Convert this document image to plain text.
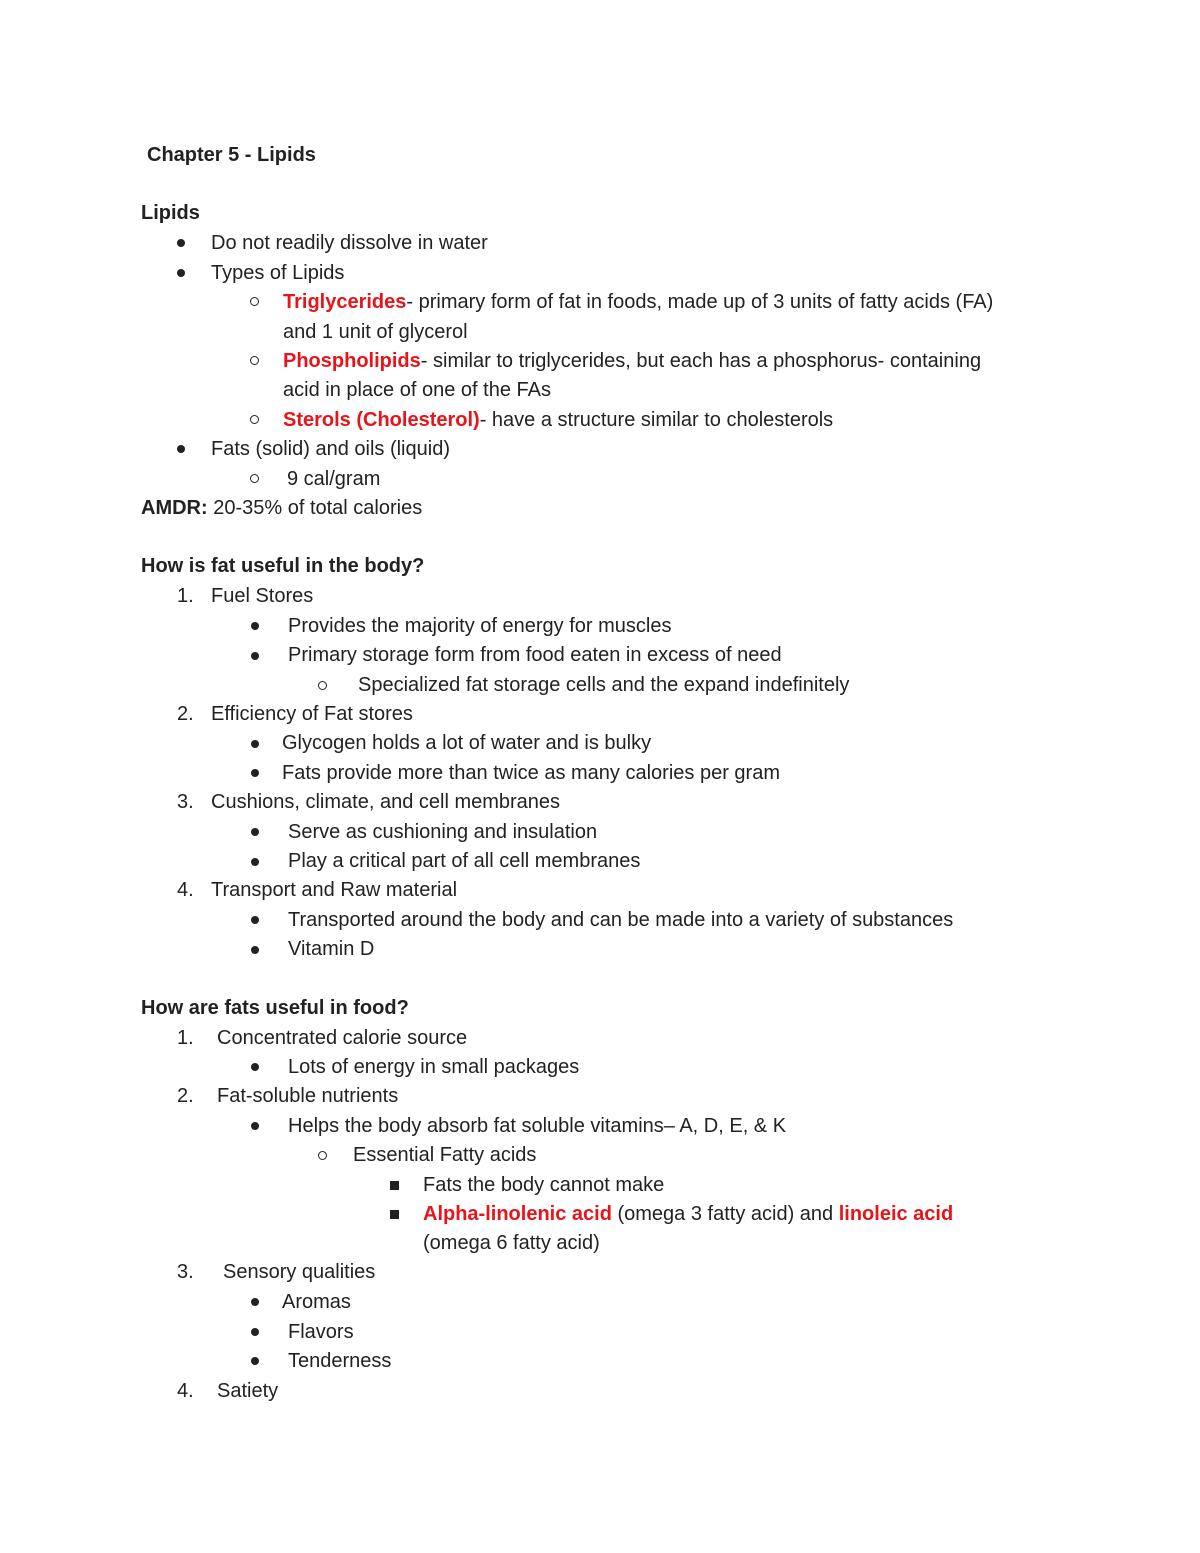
Chapter 5 - Lipids
Lipids
Do not readily dissolve in water
Types of Lipids
Triglycerides- primary form of fat in foods, made up of 3 units of fatty acids (FA)
and 1 unit of glycerol
Phospholipids- similar to triglycerides, but each has a phosphorus- containing
acid in place of one of the FAs
Sterols (Cholesterol)- have a structure similar to cholesterols
Fats (solid) and oils (liquid)
9 cal/gram
AMDR: 20-35% of total calories
How is fat useful in the body?
1. Fuel Stores
Provides the majority of energy for muscles
Primary storage form from food eaten in excess of need
Specialized fat storage cells and the expand indefinitely
2. Efficiency of Fat stores
Glycogen holds a lot of water and is bulky
Fats provide more than twice as many calories per gram
3. Cushions, climate, and cell membranes
Serve as cushioning and insulation
Play a critical part of all cell membranes
4. Transport and Raw material
Transported around the body and can be made into a variety of substances
Vitamin D
How are fats useful in food?
1. Concentrated calorie source
Lots of energy in small packages
2. Fat-soluble nutrients
Helps the body absorb fat soluble vitamins– A, D, E, & K
Essential Fatty acids
Fats the body cannot make
Alpha-linolenic acid (omega 3 fatty acid) and linoleic acid
(omega 6 fatty acid)
3. Sensory qualities
Aromas
Flavors
Tenderness
4. Satiety
